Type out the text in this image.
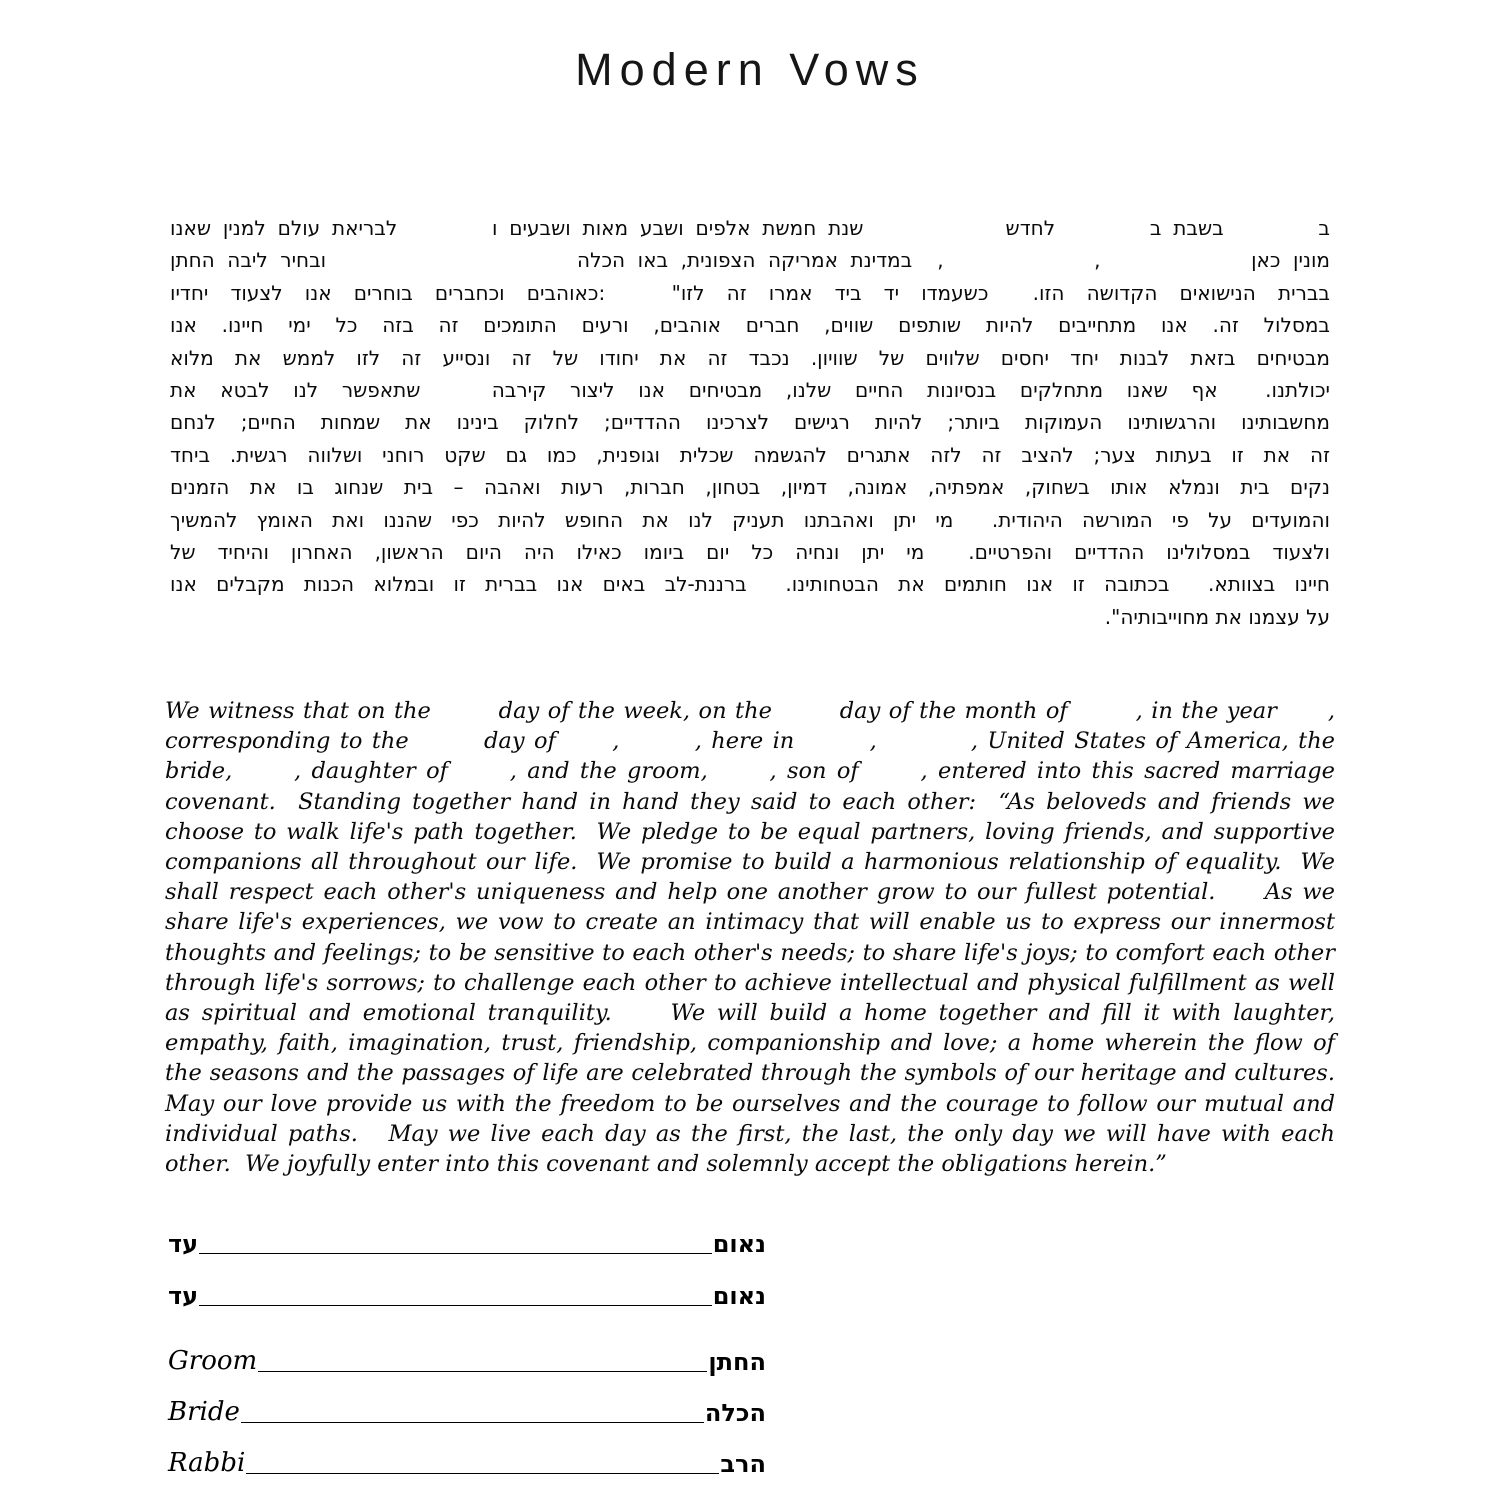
Modern Vows
ב        בשבת ב        לחדש            שנת חמשת אלפים ושבע מאות ושבעים ו        לבריאת עולם למנין שאנו
מונין כאן            ,            ,  במדינת אמריקה הצפונית, באו הכלה                    ובחיר ליבה החתן
בברית הנישואים הקדושה הזו.  כשעמדו יד ביד אמרו זה לזו"   :כאוהבים וכחברים בוחרים אנו לצעוד יחדיו
במסלול זה. אנו מתחייבים להיות שותפים שווים, חברים אוהבים, ורעים התומכים זה בזה כל ימי חיינו. אנו
מבטיחים בזאת לבנות יחד יחסים שלווים של שוויון. נכבד זה את יחודו של זה ונסייע זה לזו לממש את מלוא
יכולתנו.  אף שאנו מתחלקים בנסיונות החיים שלנו, מבטיחים אנו ליצור קירבה   שתאפשר לנו לבטא את
מחשבותינו והרגשותינו העמוקות ביותר; להיות רגישים לצרכינו ההדדיים; לחלוק בינינו את שמחות החיים; לנחם
זה את זו בעתות צער; להציב זה לזה אתגרים להגשמה שכלית וגופנית, כמו גם שקט רוחני ושלווה רגשית. ביחד
נקים בית ונמלא אותו בשחוק, אמפתיה, אמונה, דמיון, בטחון, חברות, רעות ואהבה – בית שנחוג בו את הזמנים
והמועדים על פי המורשה היהודית.  מי יתן ואהבתנו תעניק לנו את החופש להיות כפי שהננו ואת האומץ להמשיך
ולצעוד במסלולינו ההדדיים והפרטיים.  מי יתן ונחיה כל יום ביומו כאילו היה היום הראשון, האחרון והיחיד של
חיינו בצוותא.  בכתובה זו אנו חותמים את הבטחותינו.  ברננת-לב באים אנו בברית זו ובמלוא הכנות מקבלים אנו
על עצמנו את מחוייבותיה".
We witness that on the        day of the week, on the        day of the month of        , in the year      ,
corresponding to the        day of      ,        , here in        ,          , United States of America, the
bride,      , daughter of      , and the groom,      , son of      , entered into this sacred marriage
covenant.  Standing together hand in hand they said to each other:  “As beloveds and friends we
choose to walk life's path together.  We pledge to be equal partners, loving friends, and supportive
companions all throughout our life.  We promise to build a harmonious relationship of equality.  We
shall respect each other's uniqueness and help one another grow to our fullest potential.     As we
share life's experiences, we vow to create an intimacy that will enable us to express our innermost
thoughts and feelings; to be sensitive to each other's needs; to share life's joys; to comfort each other
through life's sorrows; to challenge each other to achieve intellectual and physical fulfillment as well
as spiritual and emotional tranquility.     We will build a home together and fill it with laughter,
empathy, faith, imagination, trust, friendship, companionship and love; a home wherein the flow of
the seasons and the passages of life are celebrated through the symbols of our heritage and cultures.
May our love provide us with the freedom to be ourselves and the courage to follow our mutual and
individual paths.   May we live each day as the first, the last, the only day we will have with each
other.  We joyfully enter into this covenant and solemnly accept the obligations herein.”
עד	נאום
עד	נאום
Groom	החתן
Bride	הכלה
Rabbi	הרב
